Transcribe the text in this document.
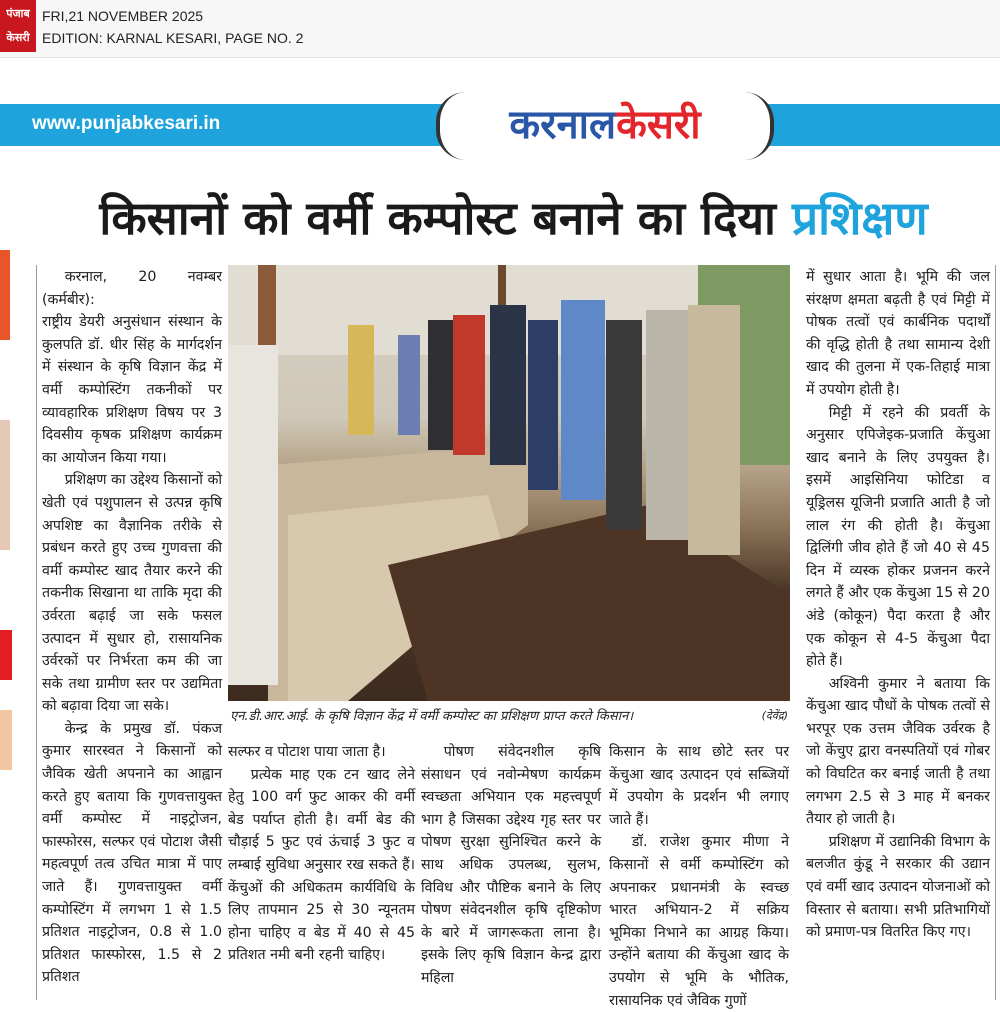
पंजाब
केसरी
FRI,21 NOVEMBER 2025
EDITION: KARNAL KESARI, PAGE NO. 2
www.punjabkesari.in	करनालकेसरी
किसानों को वर्मी कम्पोस्ट बनाने का दिया प्रशिक्षण

करनाल, 20 नवम्बर (कर्मबीर):

राष्ट्रीय डेयरी अनुसंधान संस्थान के कुलपति डॉ. धीर सिंह के मार्गदर्शन में संस्थान के कृषि विज्ञान केंद्र में वर्मी कम्पोस्टिंग तकनीकों पर व्यावहारिक प्रशिक्षण विषय पर 3 दिवसीय कृषक प्रशिक्षण कार्यक्रम का आयोजन किया गया।

प्रशिक्षण का उद्देश्य किसानों को खेती एवं पशुपालन से उत्पन्न कृषि अपशिष्ट का वैज्ञानिक तरीके से प्रबंधन करते हुए उच्च गुणवत्ता की वर्मी कम्पोस्ट खाद तैयार करने की तकनीक सिखाना था ताकि मृदा की उर्वरता बढ़ाई जा सके फसल उत्पादन में सुधार हो, रासायनिक उर्वरकों पर निर्भरता कम की जा सके तथा ग्रामीण स्तर पर उद्यमिता को बढ़ावा दिया जा सके।

केन्द्र के प्रमुख डॉ. पंकज कुमार सारस्वत ने किसानों को जैविक खेती अपनाने का आह्वान करते हुए बताया कि गुणवत्तायुक्त वर्मी कम्पोस्ट में नाइट्रोजन, फास्फोरस, सल्फर एवं पोटाश जैसी महत्वपूर्ण तत्व उचित मात्रा में पाए जाते हैं। गुणवत्तायुक्त वर्मी कम्पोस्टिंग में लगभग 1 से 1.5 प्रतिशत नाइट्रोजन, 0.8 से 1.0 प्रतिशत फास्फोरस, 1.5 से 2 प्रतिशत

एन.डी.आर.आई. के कृषि विज्ञान केंद्र में वर्मी कम्पोस्ट का प्रशिक्षण प्राप्त करते किसान।	(देवेंद्र)

सल्फर व पोटाश पाया जाता है।

प्रत्येक माह एक टन खाद लेने हेतु 100 वर्ग फुट आकर की वर्मी बेड पर्याप्त होती है। वर्मी बेड की चौड़ाई 5 फुट एवं ऊंचाई 3 फुट व लम्बाई सुविधा अनुसार रख सकते हैं। केंचुओं की अधिकतम कार्यविधि के लिए तापमान 25 से 30 न्यूनतम होना चाहिए व बेड में 40 से 45 प्रतिशत नमी बनी रहनी चाहिए।

पोषण संवेदनशील कृषि संसाधन एवं नवोन्मेषण कार्यक्रम स्वच्छता अभियान एक महत्त्वपूर्ण भाग है जिसका उद्देश्य गृह स्तर पर पोषण सुरक्षा सुनिश्चित करने के साथ अधिक उपलब्ध, सुलभ, विविध और पौष्टिक बनाने के लिए पोषण संवेदनशील कृषि दृष्टिकोण के बारे में जागरूकता लाना है। इसके लिए कृषि विज्ञान केन्द्र द्वारा महिला

किसान के साथ छोटे स्तर पर केंचुआ खाद उत्पादन एवं सब्जियों में उपयोग के प्रदर्शन भी लगाए जाते हैं।

डॉ. राजेश कुमार मीणा ने किसानों से वर्मी कम्पोस्टिंग को अपनाकर प्रधानमंत्री के स्वच्छ भारत अभियान-2 में सक्रिय भूमिका निभाने का आग्रह किया। उन्होंने बताया की केंचुआ खाद के उपयोग से भूमि के भौतिक, रासायनिक एवं जैविक गुणों

में सुधार आता है। भूमि की जल संरक्षण क्षमता बढ़ती है एवं मिट्टी में पोषक तत्वों एवं कार्बनिक पदार्थों की वृद्धि होती है तथा सामान्य देशी खाद की तुलना में एक-तिहाई मात्रा में उपयोग होती है।

मिट्टी में रहने की प्रवर्ती के अनुसार एपिजेइक-प्रजाति केंचुआ खाद बनाने के लिए उपयुक्त है। इसमें आइसिनिया फोटिडा व यूड्रिलस यूजिनी प्रजाति आती है जो लाल रंग की होती है। केंचुआ द्विलिंगी जीव होते हैं जो 40 से 45 दिन में व्यस्क होकर प्रजनन करने लगते हैं और एक केंचुआ 15 से 20 अंडे (कोकून) पैदा करता है और एक कोकून से 4-5 केंचुआ पैदा होते हैं।

अश्विनी कुमार ने बताया कि केंचुआ खाद पौधों के पोषक तत्वों से भरपूर एक उत्तम जैविक उर्वरक है जो केंचुए द्वारा वनस्पतियों एवं गोबर को विघटित कर बनाई जाती है तथा लगभग 2.5 से 3 माह में बनकर तैयार हो जाती है।

प्रशिक्षण में उद्यानिकी विभाग के बलजीत कुंडू ने सरकार की उद्यान एवं वर्मी खाद उत्पादन योजनाओं को विस्तार से बताया। सभी प्रतिभागियों को प्रमाण-पत्र वितरित किए गए।
